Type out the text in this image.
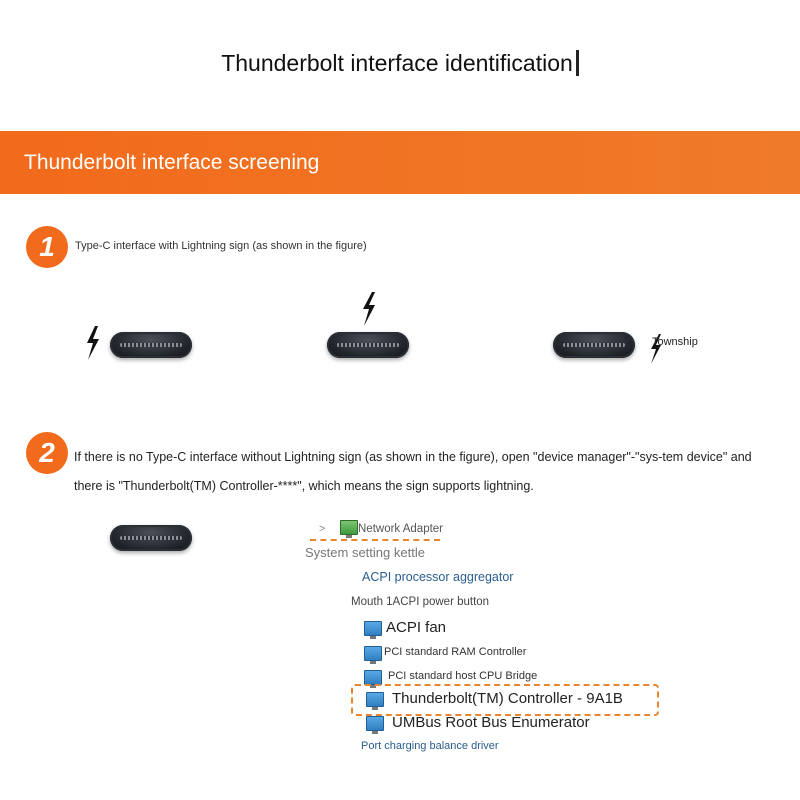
Thunderbolt interface identification
Thunderbolt interface screening
1	Type-C interface with Lightning sign (as shown in the figure)
Township
2	If there is no Type-C interface without Lightning sign (as shown in the figure), open "device manager"-"sys-tem device" and there is "Thunderbolt(TM) Controller-****", which means the sign supports lightning.
>	Network Adapter
System setting kettle
ACPI processor aggregator
Mouth 1ACPI power button
ACPI fan
PCI standard RAM Controller
PCI standard host CPU Bridge
Thunderbolt(TM) Controller - 9A1B
UMBus Root Bus Enumerator
Port charging balance driver
